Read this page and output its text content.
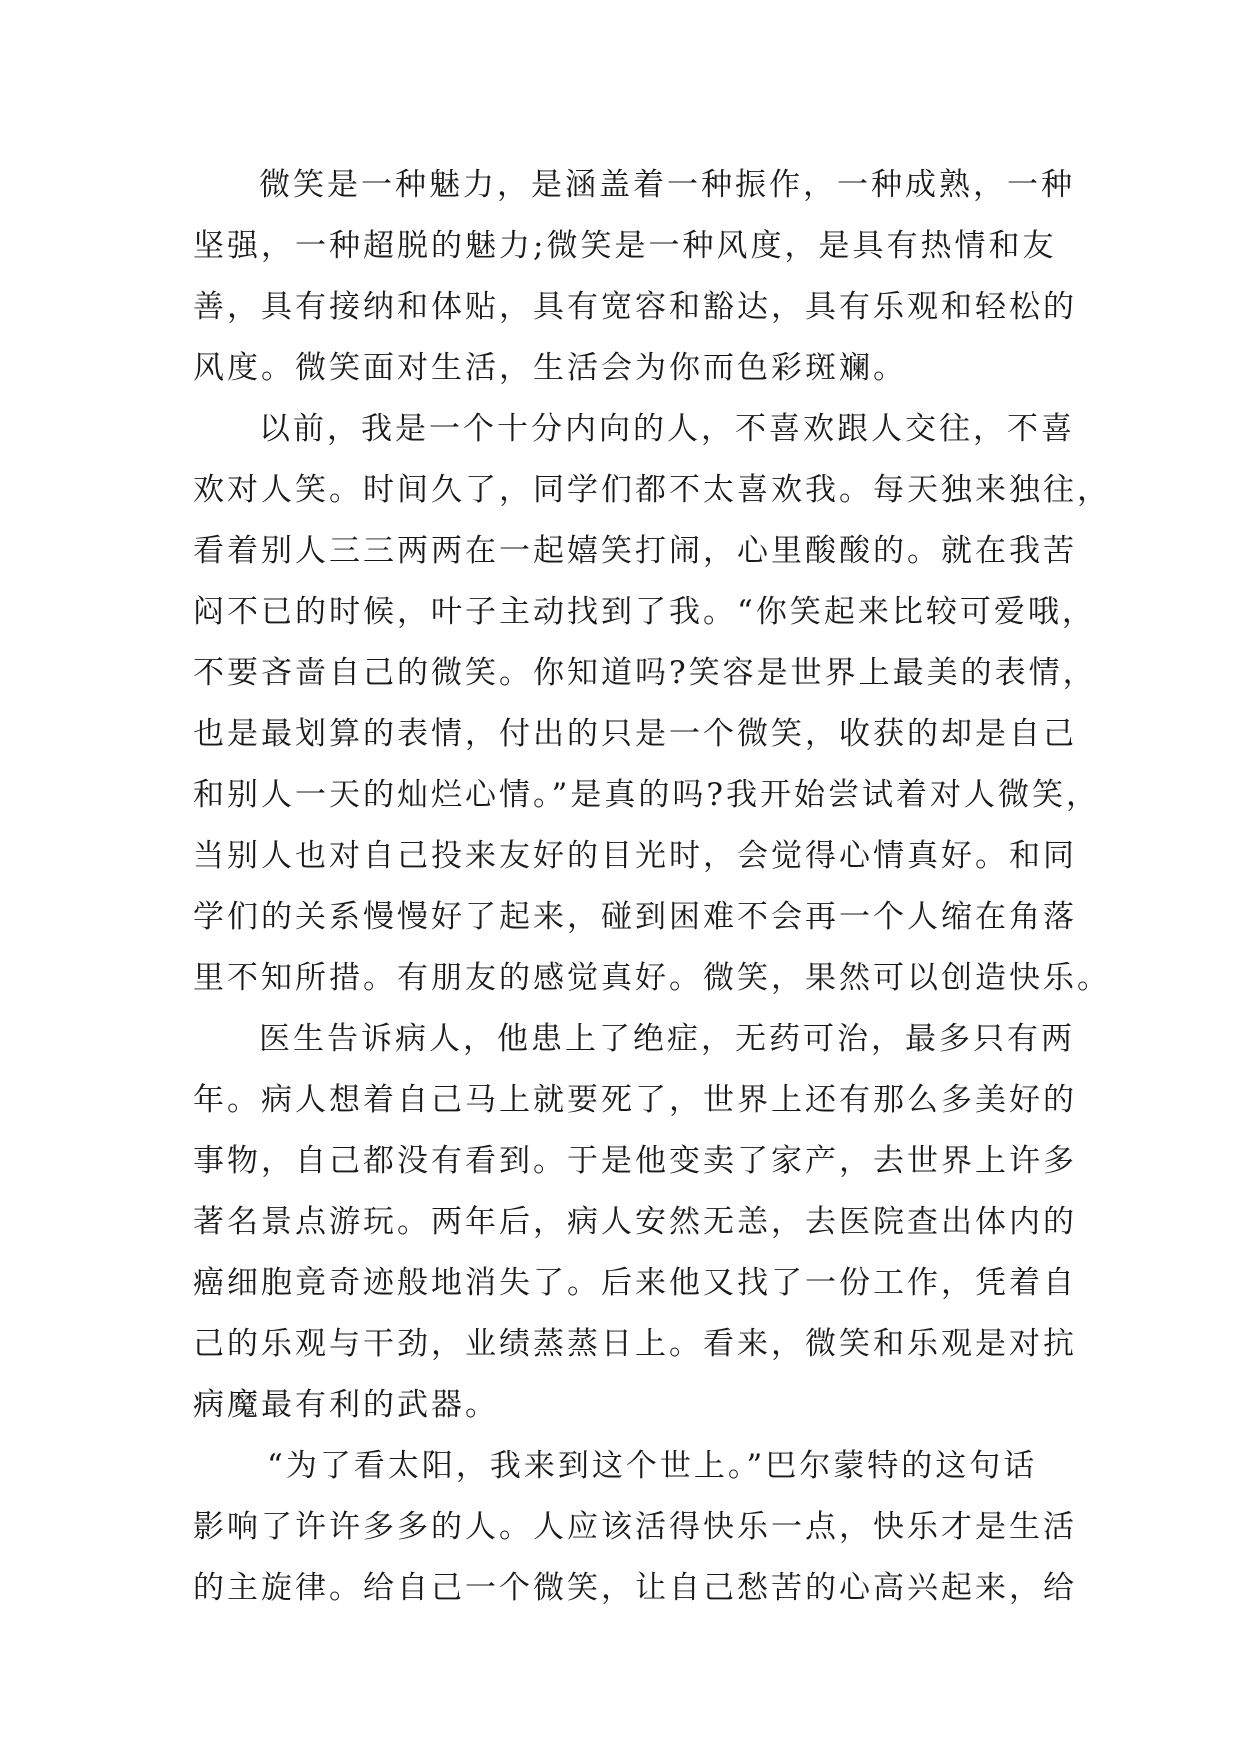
微笑是一种魅力，是涵盖着一种振作，一种成熟，一种
坚强，一种超脱的魅力;微笑是一种风度，是具有热情和友
善，具有接纳和体贴，具有宽容和豁达，具有乐观和轻松的
风度。微笑面对生活，生活会为你而色彩斑斓。
以前，我是一个十分内向的人，不喜欢跟人交往，不喜
欢对人笑。时间久了，同学们都不太喜欢我。每天独来独往，
看着别人三三两两在一起嬉笑打闹，心里酸酸的。就在我苦
闷不已的时候，叶子主动找到了我。“你笑起来比较可爱哦，
不要吝啬自己的微笑。你知道吗?笑容是世界上最美的表情，
也是最划算的表情，付出的只是一个微笑，收获的却是自己
和别人一天的灿烂心情。”是真的吗?我开始尝试着对人微笑，
当别人也对自己投来友好的目光时，会觉得心情真好。和同
学们的关系慢慢好了起来，碰到困难不会再一个人缩在角落
里不知所措。有朋友的感觉真好。微笑，果然可以创造快乐。
医生告诉病人，他患上了绝症，无药可治，最多只有两
年。病人想着自己马上就要死了，世界上还有那么多美好的
事物，自己都没有看到。于是他变卖了家产，去世界上许多
著名景点游玩。两年后，病人安然无恙，去医院查出体内的
癌细胞竟奇迹般地消失了。后来他又找了一份工作，凭着自
己的乐观与干劲，业绩蒸蒸日上。看来，微笑和乐观是对抗
病魔最有利的武器。
“为了看太阳，我来到这个世上。”巴尔蒙特的这句话
影响了许许多多的人。人应该活得快乐一点，快乐才是生活
的主旋律。给自己一个微笑，让自己愁苦的心高兴起来，给
